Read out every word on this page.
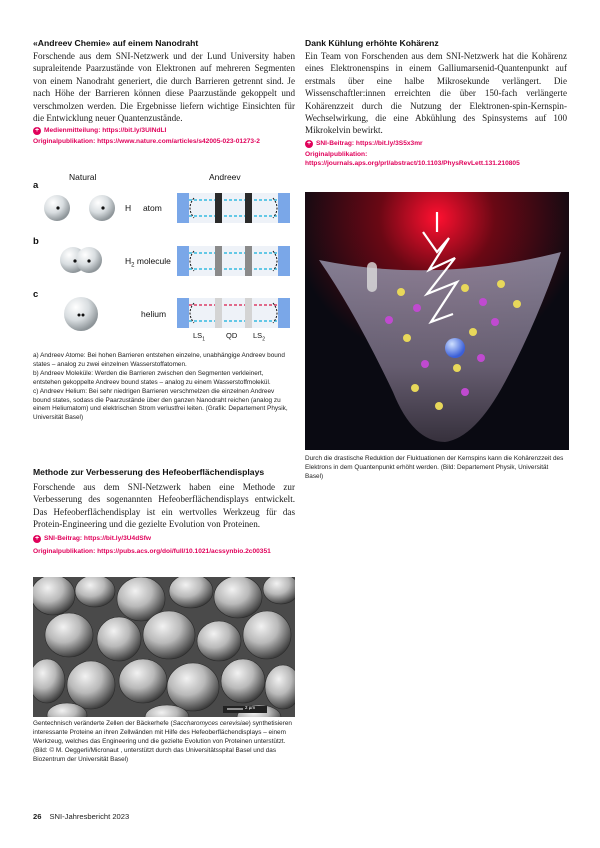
«Andreev Chemie» auf einem Nanodraht
Forschende aus dem SNI-Netzwerk und der Lund University haben supraleitende Paarzustände von Elektronen auf mehreren Segmenten von einem Nanodraht generiert, die durch Barrieren getrennt sind. Je nach Höhe der Barrieren können diese Paarzustände gekoppelt und verschmolzen werden. Die Ergebnisse liefern wichtige Einsichten für die Entwicklung neuer Quantenzustände.
+ Medienmitteilung: https://bit.ly/3UlNdLI
Originalpublikation: https://www.nature.com/articles/s42005-023-01273-2
Natural	Andreev
a
b
c
H atom
$H_2$ molecule
helium
$LS_1$	QD $LS_2$
a) Andreev Atome: Bei hohen Barrieren entstehen einzelne, unabhängige Andreev bound states – analog zu zwei einzelnen Wasserstoffatomen.
b) Andreev Moleküle: Werden die Barrieren zwischen den Segmenten verkleinert, entstehen gekoppelte Andreev bound states – analog zu einem Wasserstoffmolekül.
c) Andreev Helium: Bei sehr niedrigen Barrieren verschmelzen die einzelnen Andreev bound states, sodass die Paarzustände über den ganzen Nanodraht reichen (analog zu einem Heliumatom) und elektrischen Strom verlustfrei leiten. (Grafik: Departement Physik, Universität Basel)
Methode zur Verbesserung des Hefeoberflächendisplays
Forschende aus dem SNI-Netzwerk haben eine Methode zur Verbesserung des sogenannten Hefeoberflächendisplays entwickelt. Das Hefeoberflächendisplay ist ein wertvolles Werkzeug für das Protein-Engineering und die gezielte Evolution von Proteinen.
+ SNI-Beitrag: https://bit.ly/3U4dSfw
Originalpublikation: https://pubs.acs.org/doi/full/10.1021/acssynbio.2c00351
2 µm
Gentechnisch veränderte Zellen der Bäckerhefe (Saccharomyces cerevisiae) synthetisieren interessante Proteine an ihren Zellwänden mit Hilfe des Hefeoberflächendisplays – einem Werkzeug, welches das Engineering und die gezielte Evolution von Proteinen unterstützt. (Bild: © M. Oeggerli/Micronaut , unterstützt durch das Universitätsspital Basel und das Biozentrum der Universität Basel)
Dank Kühlung erhöhte Kohärenz
Ein Team von Forschenden aus dem SNI-Netzwerk hat die Kohärenz eines Elektronenspins in einem Galliumarsenid-Quantenpunkt auf erstmals über eine halbe Mikrosekunde verlängert. Die Wissenschaftler:innen erreichten die über 150-fach verlängerte Kohärenzzeit durch die Nutzung der Elektronen-spin-Kernspin-Wechselwirkung, die eine Abkühlung des Spinsystems auf 100 Mikrokelvin bewirkt.
+ SNI-Beitrag: https://bit.ly/3S5x3mr
Originalpublikation: https://journals.aps.org/prl/abstract/10.1103/PhysRevLett.131.210805
Durch die drastische Reduktion der Fluktuationen der Kernspins kann die Kohärenzzeit des Elektrons in dem Quantenpunkt erhöht werden. (Bild: Departement Physik, Universität Basel)
26 SNI-Jahresbericht 2023
